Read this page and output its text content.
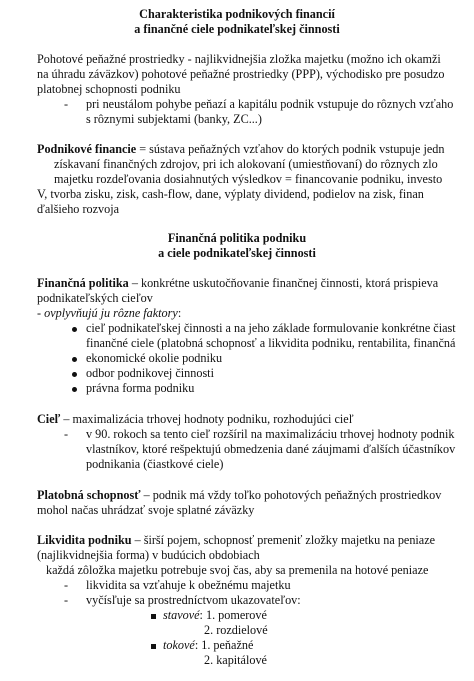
Charakteristika podnikových financií
a finančné ciele podnikateľskej činnosti
Pohotové peňažné prostriedky - najlikvidnejšia zložka majetku (možno ich okamži
na úhradu záväzkov) pohotové peňažné prostriedky (PPP), východisko pre posudzo
platobnej schopnosti podniku
- pri neustálom pohybe peňazí a kapitálu podnik vstupuje do rôznych vzťaho
s rôznymi subjektami (banky, ZC...)
Podnikové financie = sústava peňažných vzťahov do ktorých podnik vstupuje jedn
získavaní finančných zdrojov, pri ich alokovaní (umiestňovaní) do rôznych zlo
majetku rozdeľovania dosiahnutých výsledkov = financovanie podniku, investo
V, tvorba zisku, zisk, cash-flow, dane, výplaty dividend, podielov na zisk, finan
ďalšieho rozvoja
Finančná politika podniku
a ciele podnikateľskej činnosti
Finančná politika – konkrétne uskutočňovanie finančnej činnosti, ktorá prispieva
podnikateľských cieľov
- ovplyvňujú ju rôzne faktory:
cieľ podnikateľskej činnosti a na jeho základe formulovanie konkrétne čiast
finančné ciele (platobná schopnosť a likvidita podniku, rentabilita, finančná
ekonomické okolie podniku
odbor podnikovej činnosti
právna forma podniku
Cieľ – maximalizácia trhovej hodnoty podniku, rozhodujúci cieľ
- v 90. rokoch sa tento cieľ rozšíril na maximalizáciu trhovej hodnoty podnik
vlastníkov, ktoré rešpektujú obmedzenia dané záujmami ďalších účastníkov
podnikania (čiastkové ciele)
Platobná schopnosť – podnik má vždy toľko pohotových peňažných prostriedkov
mohol načas uhrádzať svoje splatné záväzky
Likvidita podniku – širší pojem, schopnosť premeniť zložky majetku na peniaze
(najlikvidnejšia forma) v budúcich obdobiach
každá zôložka majetku potrebuje svoj čas, aby sa premenila na hotové peniaze
- likvidita sa vzťahuje k obežnému majetku
- vyčísľuje sa prostredníctvom ukazovateľov:
stavové: 1. pomerové
2. rozdielové
tokové: 1. peňažné
2. kapitálové
